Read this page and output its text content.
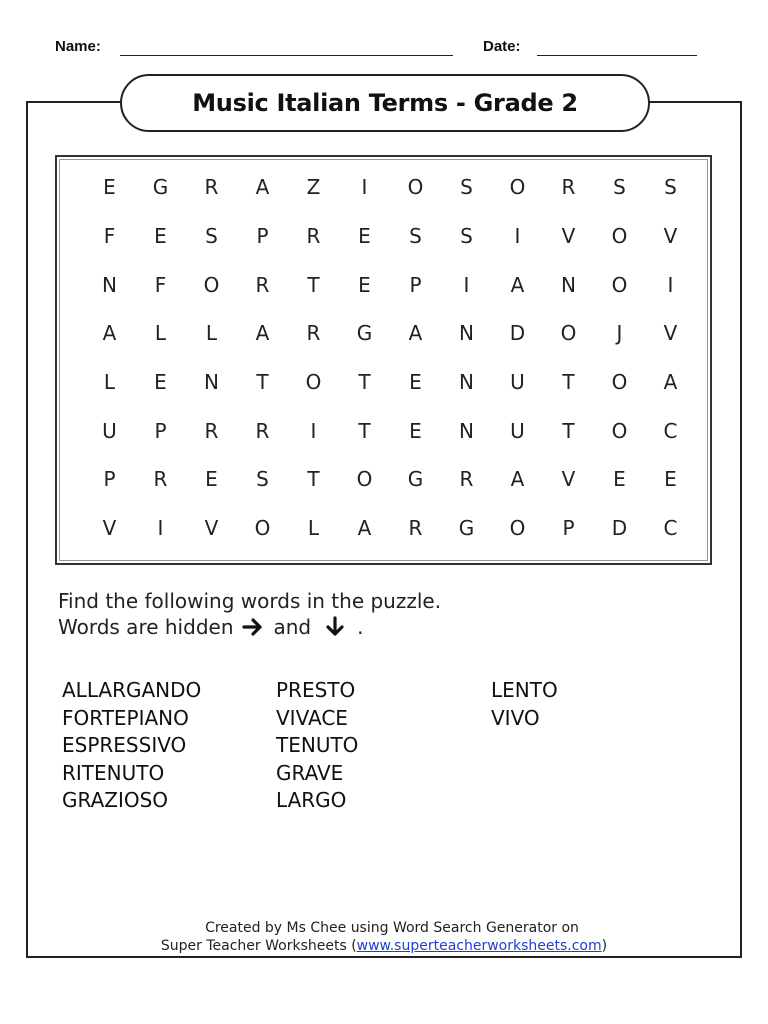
Name:	Date:
Music Italian Terms - Grade 2
E	G	R	A	Z	I	O	S	O	R	S	S
F	E	S	P	R	E	S	S	I	V	O	V
N	F	O	R	T	E	P	I	A	N	O	I
A	L	L	A	R	G	A	N	D	O	J	V
L	E	N	T	O	T	E	N	U	T	O	A
U	P	R	R	I	T	E	N	U	T	O	C
P	R	E	S	T	O	G	R	A	V	E	E
V	I	V	O	L	A	R	G	O	P	D	C
Find the following words in the puzzle.
Words are hidden and .
ALLARGANDO
FORTEPIANO
ESPRESSIVO
RITENUTO
GRAZIOSO
PRESTO
VIVACE
TENUTO
GRAVE
LARGO
LENTO
VIVO
Created by Ms Chee using Word Search Generator on
Super Teacher Worksheets (www.superteacherworksheets.com)
